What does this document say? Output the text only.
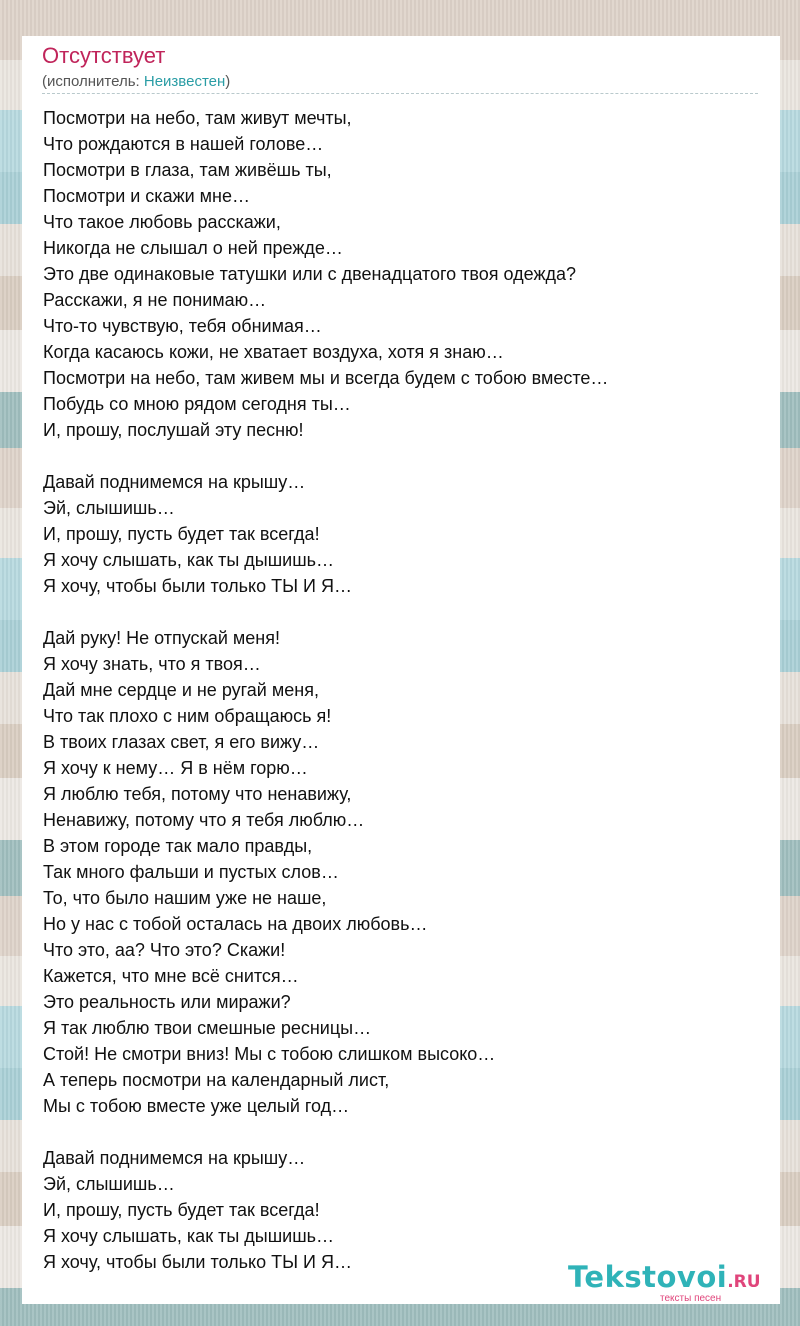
Отсутствует
(исполнитель: Неизвестен)
Посмотри на небо, там живут мечты,
Что рождаются в нашей голове…
Посмотри в глаза, там живёшь ты,
Посмотри и скажи мне…
Что такое любовь расскажи,
Никогда не слышал о ней прежде…
Это две одинаковые татушки или с двенадцатого твоя одежда?
Расскажи, я не понимаю…
Что-то чувствую, тебя обнимая…
Когда касаюсь кожи, не хватает воздуха, хотя я знаю…
Посмотри на небо, там живем мы и всегда будем с тобою вместе…
Побудь со мною рядом сегодня ты…
И, прошу, послушай эту песню!
Давай поднимемся на крышу…
Эй, слышишь…
И, прошу, пусть будет так всегда!
Я хочу слышать, как ты дышишь…
Я хочу, чтобы были только ТЫ И Я…
Дай руку! Не отпускай меня!
Я хочу знать, что я твоя…
Дай мне сердце и не ругай меня,
Что так плохо с ним обращаюсь я!
В твоих глазах свет, я его вижу…
Я хочу к нему… Я в нём горю…
Я люблю тебя, потому что ненавижу,
Ненавижу, потому что я тебя люблю…
В этом городе так мало правды,
Так много фальши и пустых слов…
То, что было нашим уже не наше,
Но у нас с тобой осталась на двоих любовь…
Что это, аа? Что это? Скажи!
Кажется, что мне всё снится…
Это реальность или миражи?
Я так люблю твои смешные ресницы…
Стой! Не смотри вниз! Мы с тобою слишком высоко…
А теперь посмотри на календарный лист,
Мы с тобою вместе уже целый год…
Давай поднимемся на крышу…
Эй, слышишь…
И, прошу, пусть будет так всегда!
Я хочу слышать, как ты дышишь…
Я хочу, чтобы были только ТЫ И Я…	Tekstovoi.RU
тексты песен
